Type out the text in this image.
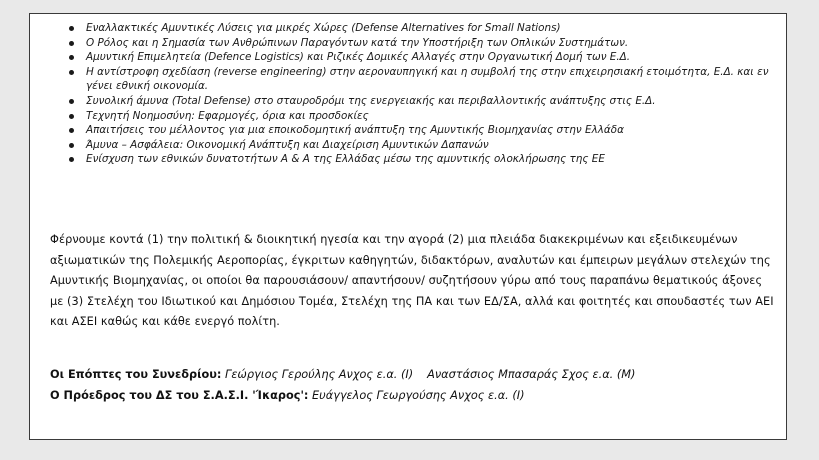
Εναλλακτικές Αμυντικές Λύσεις για μικρές Χώρες (Defense Alternatives for Small Nations)
Ο Ρόλος και η Σημασία των Ανθρώπινων Παραγόντων κατά την Υποστήριξη των Οπλικών Συστημάτων.
Αμυντική Επιμελητεία (Defence Logistics) και Ριζικές Δομικές Αλλαγές στην Οργανωτική Δομή των Ε.Δ.
Η αντίστροφη σχεδίαση (reverse engineering) στην αεροναυπηγική και η συμβολή της στην επιχειρησιακή ετοιμότητα, Ε.Δ. και εν γένει εθνική οικονομία.
Συνολική άμυνα (Total Defense) στο σταυροδρόμι της ενεργειακής και περιβαλλοντικής ανάπτυξης στις Ε.Δ.
Τεχνητή Νοημοσύνη: Εφαρμογές, όρια και προσδοκίες
Απαιτήσεις του μέλλοντος για μια εποικοδομητική ανάπτυξη της Αμυντικής Βιομηχανίας στην Ελλάδα
Άμυνα – Ασφάλεια: Οικονομική Ανάπτυξη και Διαχείριση Αμυντικών Δαπανών
Ενίσχυση των εθνικών δυνατοτήτων Α & Α της Ελλάδας μέσω της αμυντικής ολοκλήρωσης της ΕΕ

Φέρνουμε κοντά (1) την πολιτική & διοικητική ηγεσία και την αγορά (2) μια πλειάδα διακεκριμένων και εξειδικευμένων αξιωματικών της Πολεμικής Αεροπορίας, έγκριτων καθηγητών, διδακτόρων, αναλυτών και έμπειρων μεγάλων στελεχών της Αμυντικής Βιομηχανίας, οι οποίοι θα παρουσιάσουν/ απαντήσουν/ συζητήσουν γύρω από τους παραπάνω θεματικούς άξονες με (3) Στελέχη του Ιδιωτικού και Δημόσιου Τομέα, Στελέχη της ΠΑ και των ΕΔ/ΣΑ, αλλά και φοιτητές και σπουδαστές των ΑΕΙ και ΑΣΕΙ καθώς και κάθε ενεργό πολίτη.

Οι Επόπτες του Συνεδρίου: Γεώργιος Γερούλης Ανχος ε.α. (Ι) Αναστάσιος Μπασαράς Σχος ε.α. (Μ)
Ο Πρόεδρος του ΔΣ του Σ.Α.Σ.Ι. 'Ίκαρος': Ευάγγελος Γεωργούσης Ανχος ε.α. (Ι)
